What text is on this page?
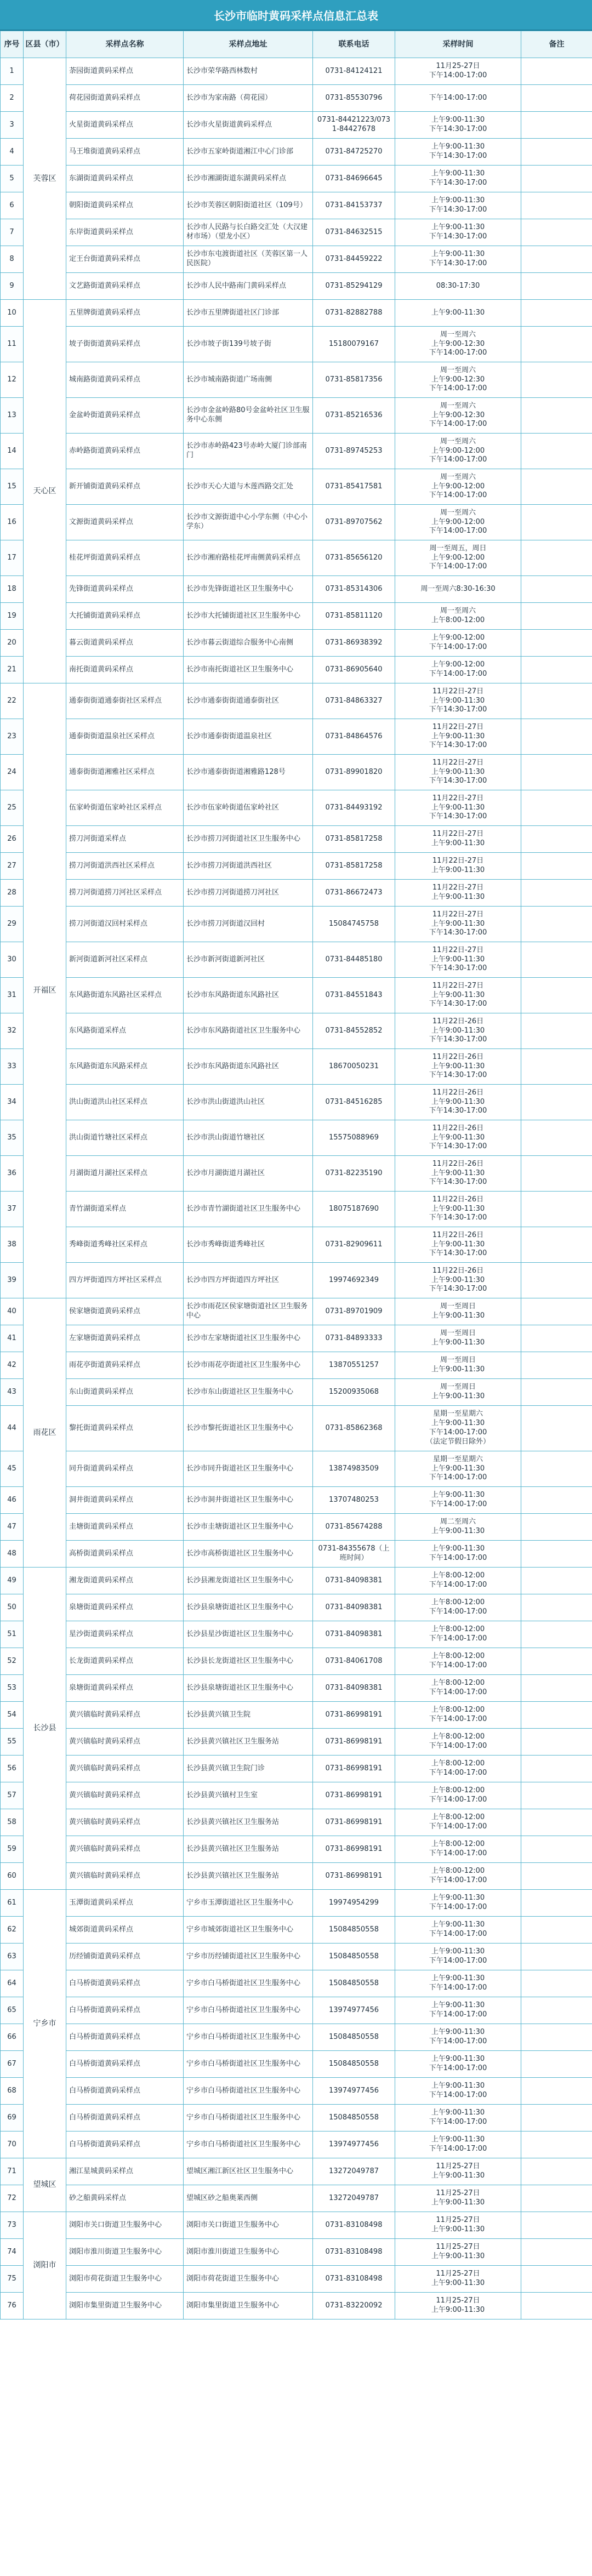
长沙市临时黄码采样点信息汇总表
序号	区县（市）	采样点名称	采样点地址	联系电话	采样时间	备注
1	芙蓉区	荼园街道黄码采样点	长沙市荣华路西林数村	0731-84124121	11月25-27日
下午14:00-17:00	

2		荷花园街道黄码采样点	长沙市为家南路（荷花园）	0731-85530796	下午14:00-17:00	

3		火星街道黄码采样点	长沙市火星街道黄码采样点	0731-84421223/0731-84427678	上午9:00-11:30
下午14:30-17:00	

4		马王堆街道黄码采样点	长沙市五家岭街道湘江中心门诊部	0731-84725270	上午9:00-11:30
下午14:30-17:00	

5		东湖街道黄码采样点	长沙市湘湖街道东湖黄码采样点	0731-84696645	上午9:00-11:30
下午14:30-17:00	

6		朝阳街道黄码采样点	长沙市芙蓉区朝阳街道社区（109号）	0731-84153737	上午9:00-11:30
下午14:30-17:00	

7		东岸街道黄码采样点	长沙市人民路与长白路交汇处（大汉建材市场）（望龙小区）	0731-84632515	上午9:00-11:30
下午14:30-17:00	

8		定王台街道黄码采样点	长沙市东屯渡街道社区（芙蓉区第一人民医院）	0731-84459222	上午9:00-11:30
下午14:30-17:00	

9		文艺路街道黄码采样点	长沙市人民中路南门黄码采样点	0731-85294129	08:30-17:30	

10	天心区	五里牌街道黄码采样点	长沙市五里牌街道社区门诊部	0731-82882788	上午9:00-11:30	

11		坡子街街道黄码采样点	长沙市坡子街139号坡子街	15180079167	周一至周六
上午9:00-12:30
下午14:00-17:00	

12		城南路街道黄码采样点	长沙市城南路街道广场南侧	0731-85817356	周一至周六
上午9:00-12:30
下午14:00-17:00	

13		金盆岭街道黄码采样点	长沙市金盆岭路80号金盆岭社区卫生服务中心东侧	0731-85216536	周一至周六
上午9:00-12:30
下午14:00-17:00	

14		赤岭路街道黄码采样点	长沙市赤岭路423号赤岭大厦门诊部南门	0731-89745253	周一至周六
上午9:00-12:00
下午14:00-17:00	

15		新开铺街道黄码采样点	长沙市天心大道与木莲西路交汇处	0731-85417581	周一至周六
上午9:00-12:00
下午14:00-17:00	

16		文源街道黄码采样点	长沙市文源街道中心小学东侧（中心小学东）	0731-89707562	周一至周六
上午9:00-12:00
下午14:00-17:00	

17		桂花坪街道黄码采样点	长沙市湘府路桂花坪南侧黄码采样点	0731-85656120	周一至周五，周日
上午9:00-12:00
下午14:00-17:00	

18		先锋街道黄码采样点	长沙市先锋街道社区卫生服务中心	0731-85314306	周一至周六8:30-16:30	

19		大托铺街道黄码采样点	长沙市大托铺街道社区卫生服务中心	0731-85811120	周一至周六
上午8:00-12:00	

20		暮云街道黄码采样点	长沙市暮云街道综合服务中心南侧	0731-86938392	上午9:00-12:00
下午14:00-17:00	

21		南托街道黄码采样点	长沙市南托街道社区卫生服务中心	0731-86905640	上午9:00-12:00
下午14:00-17:00	

22	开福区	通泰街街道通泰街社区采样点	长沙市通泰街街道通泰街社区	0731-84863327	11月22日-27日
上午9:00-11:30
下午14:30-17:00	

23		通泰街街道温泉社区采样点	长沙市通泰街街道温泉社区	0731-84864576	11月22日-27日
上午9:00-11:30
下午14:30-17:00	

24		通泰街街道湘雅社区采样点	长沙市通泰街街道湘雅路128号	0731-89901820	11月22日-27日
上午9:00-11:30
下午14:30-17:00	

25		伍家岭街道伍家岭社区采样点	长沙市伍家岭街道伍家岭社区	0731-84493192	11月22日-27日
上午9:00-11:30
下午14:30-17:00	

26		捞刀河街道采样点	长沙市捞刀河街道社区卫生服务中心	0731-85817258	11月22日-27日
上午9:00-11:30	

27		捞刀河街道洪西社区采样点	长沙市捞刀河街道洪西社区	0731-85817258	11月22日-27日
上午9:00-11:30	

28		捞刀河街道捞刀河社区采样点	长沙市捞刀河街道捞刀河社区	0731-86672473	11月22日-27日
上午9:00-11:30	

29		捞刀河街道汉回村采样点	长沙市捞刀河街道汉回村	15084745758	11月22日-27日
上午9:00-11:30
下午14:30-17:00	

30		新河街道新河社区采样点	长沙市新河街道新河社区	0731-84485180	11月22日-27日
上午9:00-11:30
下午14:30-17:00	

31		东风路街道东风路社区采样点	长沙市东风路街道东风路社区	0731-84551843	11月22日-27日
上午9:00-11:30
下午14:30-17:00	

32		东风路街道采样点	长沙市东风路街道社区卫生服务中心	0731-84552852	11月22日-26日
上午9:00-11:30
下午14:30-17:00	

33		东风路街道东风路采样点	长沙市东风路街道东风路社区	18670050231	11月22日-26日
上午9:00-11:30
下午14:30-17:00	

34		洪山街道洪山社区采样点	长沙市洪山街道洪山社区	0731-84516285	11月22日-26日
上午9:00-11:30
下午14:30-17:00	

35		洪山街道竹塘社区采样点	长沙市洪山街道竹塘社区	15575088969	11月22日-26日
上午9:00-11:30
下午14:30-17:00	

36		月湖街道月湖社区采样点	长沙市月湖街道月湖社区	0731-82235190	11月22日-26日
上午9:00-11:30
下午14:30-17:00	

37		青竹湖街道采样点	长沙市青竹湖街道社区卫生服务中心	18075187690	11月22日-26日
上午9:00-11:30
下午14:30-17:00	

38		秀峰街道秀峰社区采样点	长沙市秀峰街道秀峰社区	0731-82909611	11月22日-26日
上午9:00-11:30
下午14:30-17:00	

39		四方坪街道四方坪社区采样点	长沙市四方坪街道四方坪社区	19974692349	11月22日-26日
上午9:00-11:30
下午14:30-17:00	

40	雨花区	侯家塘街道黄码采样点	长沙市雨花区侯家塘街道社区卫生服务中心	0731-89701909	周一至周日
上午9:00-11:30	

41		左家塘街道黄码采样点	长沙市左家塘街道社区卫生服务中心	0731-84893333	周一至周日
上午9:00-11:30	

42		雨花亭街道黄码采样点	长沙市雨花亭街道社区卫生服务中心	13870551257	周一至周日
上午9:00-11:30	

43		东山街道黄码采样点	长沙市东山街道社区卫生服务中心	15200935068	周一至周日
上午9:00-11:30	

44		黎托街道黄码采样点	长沙市黎托街道社区卫生服务中心	0731-85862368	星期一至星期六
上午9:00-11:30
下午14:00-17:00
（法定节假日除外）	

45		同升街道黄码采样点	长沙市同升街道社区卫生服务中心	13874983509	星期一至星期六
上午9:00-11:30
下午14:00-17:00	

46		洞井街道黄码采样点	长沙市洞井街道社区卫生服务中心	13707480253	上午9:00-11:30
下午14:00-17:00	

47		圭塘街道黄码采样点	长沙市圭塘街道社区卫生服务中心	0731-85674288	周二至周六
上午9:00-11:30	

48		高桥街道黄码采样点	长沙市高桥街道社区卫生服务中心	0731-84355678（上班时间）	上午9:00-11:30
下午14:00-17:00	

49	长沙县	湘龙街道黄码采样点	长沙县湘龙街道社区卫生服务中心	0731-84098381	上午8:00-12:00
下午14:00-17:00	

50		泉塘街道黄码采样点	长沙县泉塘街道社区卫生服务中心	0731-84098381	上午8:00-12:00
下午14:00-17:00	

51		星沙街道黄码采样点	长沙县星沙街道社区卫生服务中心	0731-84098381	上午8:00-12:00
下午14:00-17:00	

52		长龙街道黄码采样点	长沙县长龙街道社区卫生服务中心	0731-84061708	上午8:00-12:00
下午14:00-17:00	

53		泉塘街道黄码采样点	长沙县泉塘街道社区卫生服务中心	0731-84098381	上午8:00-12:00
下午14:00-17:00	

54		黄兴镇临时黄码采样点	长沙县黄兴镇卫生院	0731-86998191	上午8:00-12:00
下午14:00-17:00	

55		黄兴镇临时黄码采样点	长沙县黄兴镇社区卫生服务站	0731-86998191	上午8:00-12:00
下午14:00-17:00	

56		黄兴镇临时黄码采样点	长沙县黄兴镇卫生院门诊	0731-86998191	上午8:00-12:00
下午14:00-17:00	

57		黄兴镇临时黄码采样点	长沙县黄兴镇村卫生室	0731-86998191	上午8:00-12:00
下午14:00-17:00	

58		黄兴镇临时黄码采样点	长沙县黄兴镇社区卫生服务站	0731-86998191	上午8:00-12:00
下午14:00-17:00	

59		黄兴镇临时黄码采样点	长沙县黄兴镇社区卫生服务站	0731-86998191	上午8:00-12:00
下午14:00-17:00	

60		黄兴镇临时黄码采样点	长沙县黄兴镇社区卫生服务站	0731-86998191	上午8:00-12:00
下午14:00-17:00	

61	宁乡市	玉潭街道黄码采样点	宁乡市玉潭街道社区卫生服务中心	19974954299	上午9:00-11:30
下午14:00-17:00	

62		城郊街道黄码采样点	宁乡市城郊街道社区卫生服务中心	15084850558	上午9:00-11:30
下午14:00-17:00	

63		历经铺街道黄码采样点	宁乡市历经铺街道社区卫生服务中心	15084850558	上午9:00-11:30
下午14:00-17:00	

64		白马桥街道黄码采样点	宁乡市白马桥街道社区卫生服务中心	15084850558	上午9:00-11:30
下午14:00-17:00	

65		白马桥街道黄码采样点	宁乡市白马桥街道社区卫生服务中心	13974977456	上午9:00-11:30
下午14:00-17:00	

66		白马桥街道黄码采样点	宁乡市白马桥街道社区卫生服务中心	15084850558	上午9:00-11:30
下午14:00-17:00	

67		白马桥街道黄码采样点	宁乡市白马桥街道社区卫生服务中心	15084850558	上午9:00-11:30
下午14:00-17:00	

68		白马桥街道黄码采样点	宁乡市白马桥街道社区卫生服务中心	13974977456	上午9:00-11:30
下午14:00-17:00	

69		白马桥街道黄码采样点	宁乡市白马桥街道社区卫生服务中心	15084850558	上午9:00-11:30
下午14:00-17:00	

70		白马桥街道黄码采样点	宁乡市白马桥街道社区卫生服务中心	13974977456	上午9:00-11:30
下午14:00-17:00	

71	望城区	湘江星城黄码采样点	望城区湘江新区社区卫生服务中心	13272049787	11月25-27日
上午9:00-11:30	

72		砂之船黄码采样点	望城区砂之船奥莱西侧	13272049787	11月25-27日
上午9:00-11:30	

73	浏阳市	浏阳市关口街道卫生服务中心	浏阳市关口街道卫生服务中心	0731-83108498	11月25-27日
上午9:00-11:30	

74		浏阳市淮川街道卫生服务中心	浏阳市淮川街道卫生服务中心	0731-83108498	11月25-27日
上午9:00-11:30	

75		浏阳市荷花街道卫生服务中心	浏阳市荷花街道卫生服务中心	0731-83108498	11月25-27日
上午9:00-11:30	

76		浏阳市集里街道卫生服务中心	浏阳市集里街道卫生服务中心	0731-83220092	11月25-27日
上午9:00-11:30	
